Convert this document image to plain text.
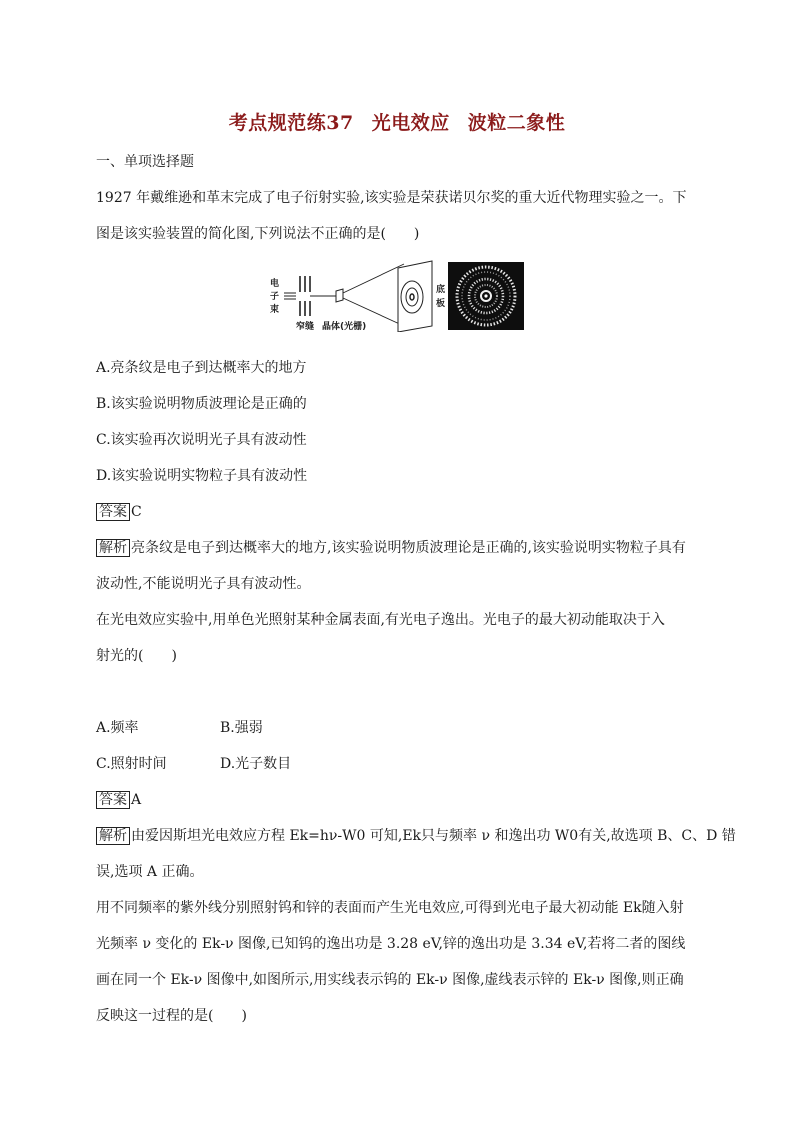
考点规范练37 光电效应 波粒二象性
一、单项选择题
1927 年戴维逊和革末完成了电子衍射实验,该实验是荣获诺贝尔奖的重大近代物理实验之一。下
图是该实验装置的简化图,下列说法不正确的是(　　)
电
子
束
底
板
窄缝 晶体(光栅)
A.亮条纹是电子到达概率大的地方
B.该实验说明物质波理论是正确的
C.该实验再次说明光子具有波动性
D.该实验说明实物粒子具有波动性
答案 C
解析 亮条纹是电子到达概率大的地方,该实验说明物质波理论是正确的,该实验说明实物粒子具有
波动性,不能说明光子具有波动性。
在光电效应实验中,用单色光照射某种金属表面,有光电子逸出。光电子的最大初动能取决于入
射光的(　　)
A.频率	B.强弱
C.照射时间	D.光子数目
答案 A
解析 由爱因斯坦光电效应方程 Ek=hν-W0 可知,Ek只与频率 ν 和逸出功 W0有关,故选项 B、C、D 错
误,选项 A 正确。
用不同频率的紫外线分别照射钨和锌的表面而产生光电效应,可得到光电子最大初动能 Ek随入射
光频率 ν 变化的 Ek-ν 图像,已知钨的逸出功是 3.28 eV,锌的逸出功是 3.34 eV,若将二者的图线
画在同一个 Ek-ν 图像中,如图所示,用实线表示钨的 Ek-ν 图像,虚线表示锌的 Ek-ν 图像,则正确
反映这一过程的是(　　)
